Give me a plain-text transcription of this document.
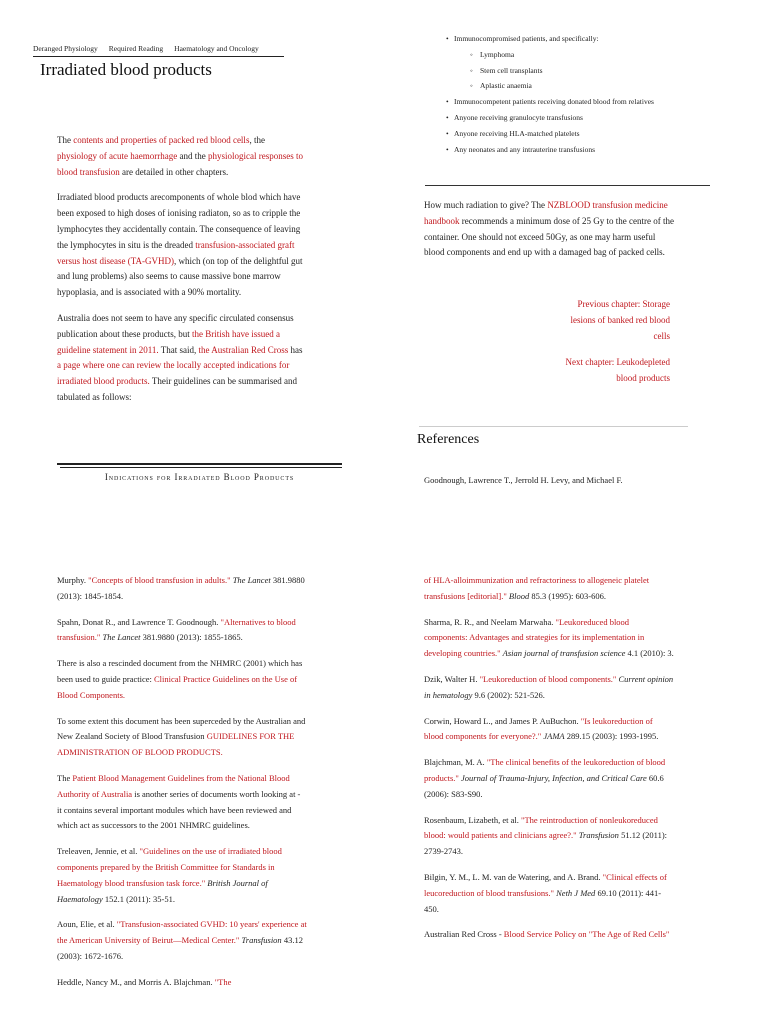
Deranged Physiology Required Reading Haematology and Oncology
Irradiated blood products

The contents and properties of packed red blood cells, the physiology of acute haemorrhage and the physiological responses to blood transfusion are detailed in other chapters.

Irradiated blood products arecomponents of whole blod which have been exposed to high doses of ionising radiaton, so as to cripple the lymphocytes they accidentally contain. The consequence of leaving the lymphocytes in situ is the dreaded transfusion-associated graft versus host disease (TA-GVHD), which (on top of the delightful gut and lung problems) also seems to cause massive bone marrow hypoplasia, and is associated with a 90% mortality.

Australia does not seem to have any specific circulated consensus publication about these products, but the British have issued a guideline statement in 2011. That said, the Australian Red Cross has a page where one can review the locally accepted indications for irradiated blood products. Their guidelines can be summarised and tabulated as follows:

Indications for Irradiated Blood Products
• Immunocompromised patients, and specifically:
◦ Lymphoma
◦ Stem cell transplants
◦ Aplastic anaemia
• Immunocompetent patients receiving donated blood from relatives
• Anyone receiving granulocyte transfusions
• Anyone receiving HLA-matched platelets
• Any neonates and any intrauterine transfusions
How much radiation to give? The NZBLOOD transfusion medicine handbook recommends a minimum dose of 25 Gy to the centre of the container. One should not exceed 50Gy, as one may harm useful blood components and end up with a damaged bag of packed cells.
Previous chapter: Storage lesions of banked red blood cells
Next chapter: Leukodepleted blood products
References
Goodnough, Lawrence T., Jerrold H. Levy, and Michael F.

Murphy. "Concepts of blood transfusion in adults." The Lancet 381.9880 (2013): 1845-1854.

Spahn, Donat R., and Lawrence T. Goodnough. "Alternatives to blood transfusion." The Lancet 381.9880 (2013): 1855-1865.

There is also a rescinded document from the NHMRC (2001) which has been used to guide practice: Clinical Practice Guidelines on the Use of Blood Components.

To some extent this document has been superceded by the Australian and New Zealand Society of Blood Transfusion GUIDELINES FOR THE ADMINISTRATION OF BLOOD PRODUCTS.

The Patient Blood Management Guidelines from the National Blood Authority of Australia is another series of documents worth looking at - it contains several important modules which have been reviewed and which act as successors to the 2001 NHMRC guidelines.

Treleaven, Jennie, et al. "Guidelines on the use of irradiated blood components prepared by the British Committee for Standards in Haematology blood transfusion task force." British Journal of Haematology 152.1 (2011): 35-51.

Aoun, Elie, et al. "Transfusion-associated GVHD: 10 years' experience at the American University of Beirut—Medical Center." Transfusion 43.12 (2003): 1672-1676.

Heddle, Nancy M., and Morris A. Blajchman. "The

of HLA-alloimmunization and refractoriness to allogeneic platelet transfusions [editorial]." Blood 85.3 (1995): 603-606.

Sharma, R. R., and Neelam Marwaha. "Leukoreduced blood components: Advantages and strategies for its implementation in developing countries." Asian journal of transfusion science 4.1 (2010): 3.

Dzik, Walter H. "Leukoreduction of blood components." Current opinion in hematology 9.6 (2002): 521-526.

Corwin, Howard L., and James P. AuBuchon. "Is leukoreduction of blood components for everyone?." JAMA 289.15 (2003): 1993-1995.

Blajchman, M. A. "The clinical benefits of the leukoreduction of blood products." Journal of Trauma-Injury, Infection, and Critical Care 60.6 (2006): S83-S90.

Rosenbaum, Lizabeth, et al. "The reintroduction of nonleukoreduced blood: would patients and clinicians agree?." Transfusion 51.12 (2011): 2739-2743.

Bilgin, Y. M., L. M. van de Watering, and A. Brand. "Clinical effects of leucoreduction of blood transfusions." Neth J Med 69.10 (2011): 441-450.

Australian Red Cross - Blood Service Policy on "The Age of Red Cells"
